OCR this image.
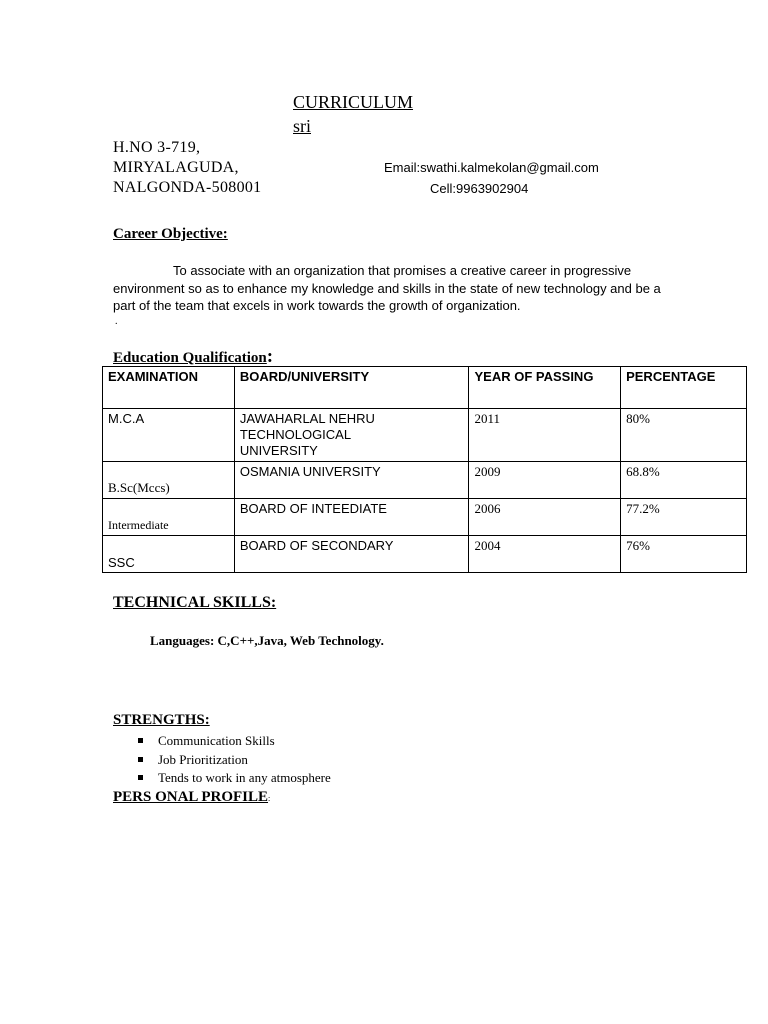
CURRICULUM
sri
H.NO 3-719,
MIRYALAGUDA,
NALGONDA-508001
Email:swathi.kalmekolan@gmail.com
Cell:9963902904
Career Objective:
To associate with an organization that promises a creative career in progressive environment so as to enhance my knowledge and skills in the state of new technology and be a part of the team that excels in work towards the growth of organization.
.
Education Qualification:
EXAMINATION	BOARD/UNIVERSITY	YEAR OF PASSING	PERCENTAGE
M.C.A	JAWAHARLAL NEHRU TECHNOLOGICAL UNIVERSITY	2011	80%
B.Sc(Mccs)	OSMANIA UNIVERSITY	2009	68.8%
Intermediate	BOARD OF INTEEDIATE	2006	77.2%
SSC	BOARD OF SECONDARY	2004	76%
TECHNICAL SKILLS:
Languages: C,C++,Java, Web Technology.
STRENGTHS:
Communication Skills
Job Prioritization
Tends to work in any atmosphere
PERS ONAL PROFILE:
